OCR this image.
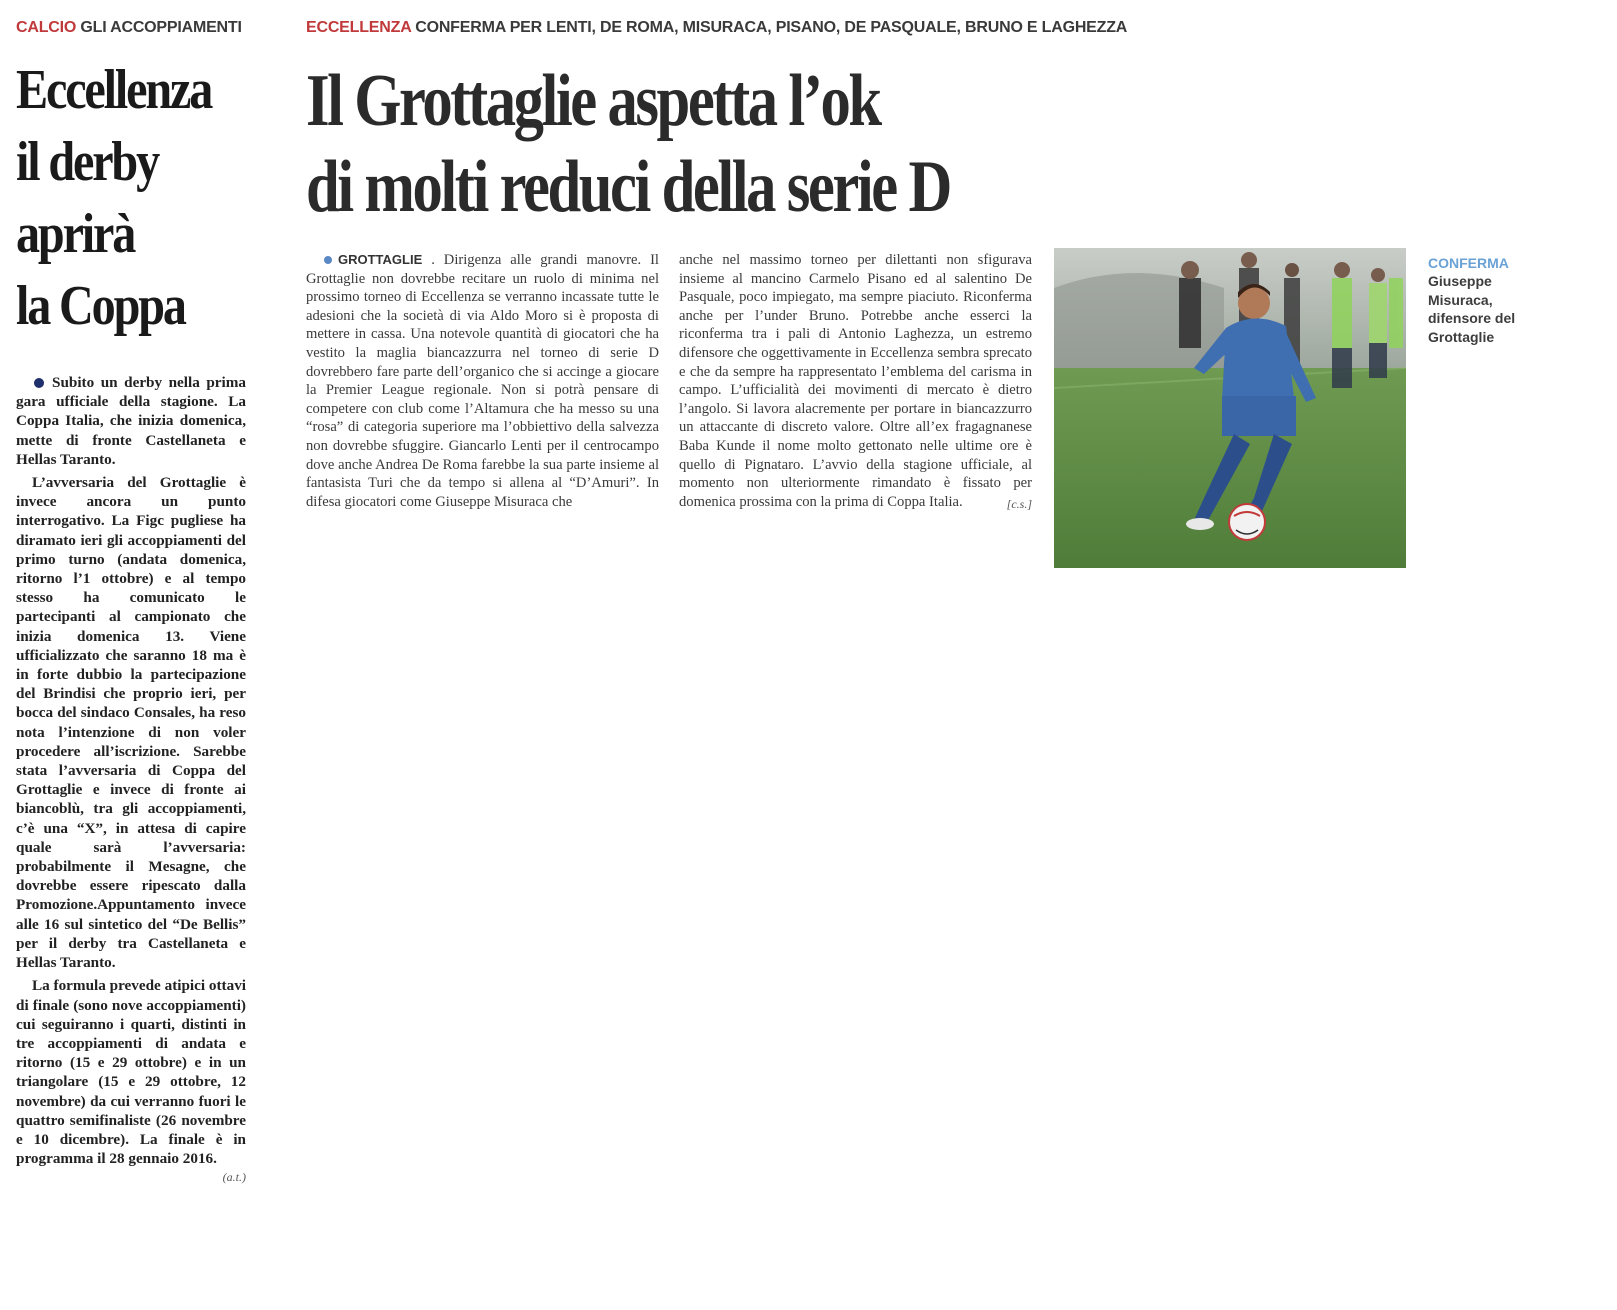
CALCIO GLI ACCOPPIAMENTI
Eccellenza
il derby
aprirà
la Coppa

Subito un derby nella prima gara ufficiale della stagione. La Coppa Italia, che inizia domenica, mette di fronte Castellaneta e Hellas Taranto.

L’avversaria del Grottaglie è invece ancora un punto interrogativo. La Figc pugliese ha diramato ieri gli accoppiamenti del primo turno (andata domenica, ritorno l’1 ottobre) e al tempo stesso ha comunicato le partecipanti al campionato che inizia domenica 13. Viene ufficializzato che saranno 18 ma è in forte dubbio la partecipazione del Brindisi che proprio ieri, per bocca del sindaco Consales, ha reso nota l’intenzione di non voler procedere all’iscrizione. Sarebbe stata l’avversaria di Coppa del Grottaglie e invece di fronte ai biancoblù, tra gli accoppiamenti, c’è una “X”, in attesa di capire quale sarà l’avversaria: probabilmente il Mesagne, che dovrebbe essere ripescato dalla Promozione.Appuntamento invece alle 16 sul sintetico del “De Bellis” per il derby tra Castellaneta e Hellas Taranto.

La formula prevede atipici ottavi di finale (sono nove accoppiamenti) cui seguiranno i quarti, distinti in tre accoppiamenti di andata e ritorno (15 e 29 ottobre) e in un triangolare (15 e 29 ottobre, 12 novembre) da cui verranno fuori le quattro semifinaliste (26 novembre e 10 dicembre). La finale è in programma il 28 gennaio 2016.
(a.t.)

ECCELLENZA CONFERMA PER LENTI, DE ROMA, MISURACA, PISANO, DE PASQUALE, BRUNO E LAGHEZZA
Il Grottaglie aspetta l’ok
di molti reduci della serie D
GROTTAGLIE . Dirigenza alle grandi manovre. Il Grottaglie non dovrebbe recitare un ruolo di minima nel prossimo torneo di Eccellenza se verranno incassate tutte le adesioni che la società di via Aldo Moro si è proposta di mettere in cassa. Una notevole quantità di giocatori che ha vestito la maglia biancazzurra nel torneo di serie D dovrebbero fare parte dell’organico che si accinge a giocare la Premier League regionale. Non si potrà pensare di competere con club come l’Altamura che ha messo su una “rosa” di categoria superiore ma l’obbiettivo della salvezza non dovrebbe sfuggire. Giancarlo Lenti per il centrocampo dove anche Andrea De Roma farebbe la sua parte insieme al fantasista Turi che da tempo si allena al “D’Amuri”. In difesa giocatori come Giuseppe Misuraca che
anche nel massimo torneo per dilettanti non sfigurava insieme al mancino Carmelo Pisano ed al salentino De Pasquale, poco impiegato, ma sempre piaciuto. Riconferma anche per l’under Bruno. Potrebbe anche esserci la riconferma tra i pali di Antonio Laghezza, un estremo difensore che oggettivamente in Eccellenza sembra sprecato e che da sempre ha rappresentato l’emblema del carisma in campo. L’ufficialità dei movimenti di mercato è dietro l’angolo. Si lavora alacremente per portare in biancazzurro un attaccante di discreto valore. Oltre all’ex fragagnanese Baba Kunde il nome molto gettonato nelle ultime ore è quello di Pignataro. L’avvio della stagione ufficiale, al momento non ulteriormente rimandato è fissato per domenica prossima con la prima di Coppa Italia.	[c.s.]
CONFERMA
Giuseppe Misuraca, difensore del Grottaglie
